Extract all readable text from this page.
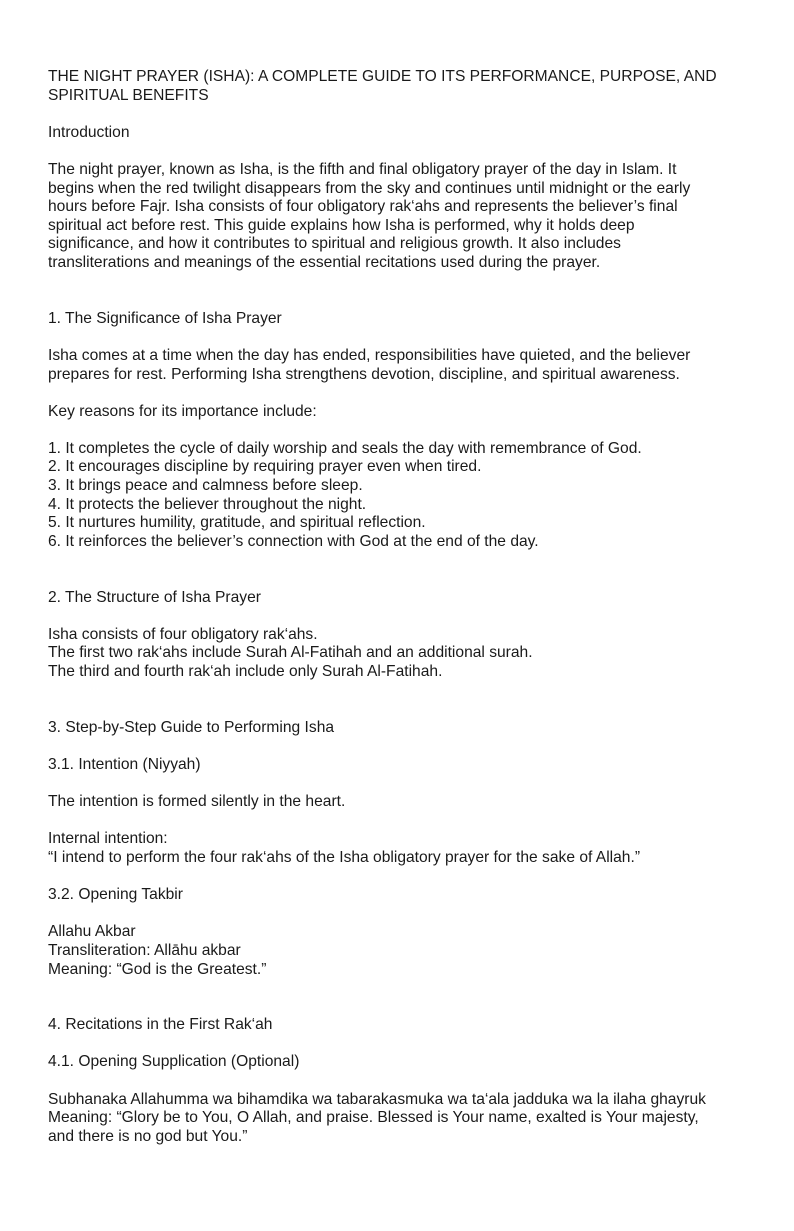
THE NIGHT PRAYER (ISHA): A COMPLETE GUIDE TO ITS PERFORMANCE, PURPOSE, AND
SPIRITUAL BENEFITS
Introduction
The night prayer, known as Isha, is the fifth and final obligatory prayer of the day in Islam. It
begins when the red twilight disappears from the sky and continues until midnight or the early
hours before Fajr. Isha consists of four obligatory rak‘ahs and represents the believer’s final
spiritual act before rest. This guide explains how Isha is performed, why it holds deep
significance, and how it contributes to spiritual and religious growth. It also includes
transliterations and meanings of the essential recitations used during the prayer.
1. The Significance of Isha Prayer
Isha comes at a time when the day has ended, responsibilities have quieted, and the believer
prepares for rest. Performing Isha strengthens devotion, discipline, and spiritual awareness.
Key reasons for its importance include:
1. It completes the cycle of daily worship and seals the day with remembrance of God.
2. It encourages discipline by requiring prayer even when tired.
3. It brings peace and calmness before sleep.
4. It protects the believer throughout the night.
5. It nurtures humility, gratitude, and spiritual reflection.
6. It reinforces the believer’s connection with God at the end of the day.
2. The Structure of Isha Prayer
Isha consists of four obligatory rak‘ahs.
The first two rak‘ahs include Surah Al-Fatihah and an additional surah.
The third and fourth rak‘ah include only Surah Al-Fatihah.
3. Step-by-Step Guide to Performing Isha
3.1. Intention (Niyyah)
The intention is formed silently in the heart.
Internal intention:
“I intend to perform the four rak‘ahs of the Isha obligatory prayer for the sake of Allah.”
3.2. Opening Takbir
Allahu Akbar
Transliteration: Allāhu akbar
Meaning: “God is the Greatest.”
4. Recitations in the First Rak‘ah
4.1. Opening Supplication (Optional)
Subhanaka Allahumma wa bihamdika wa tabarakasmuka wa ta‘ala jadduka wa la ilaha ghayruk
Meaning: “Glory be to You, O Allah, and praise. Blessed is Your name, exalted is Your majesty,
and there is no god but You.”
